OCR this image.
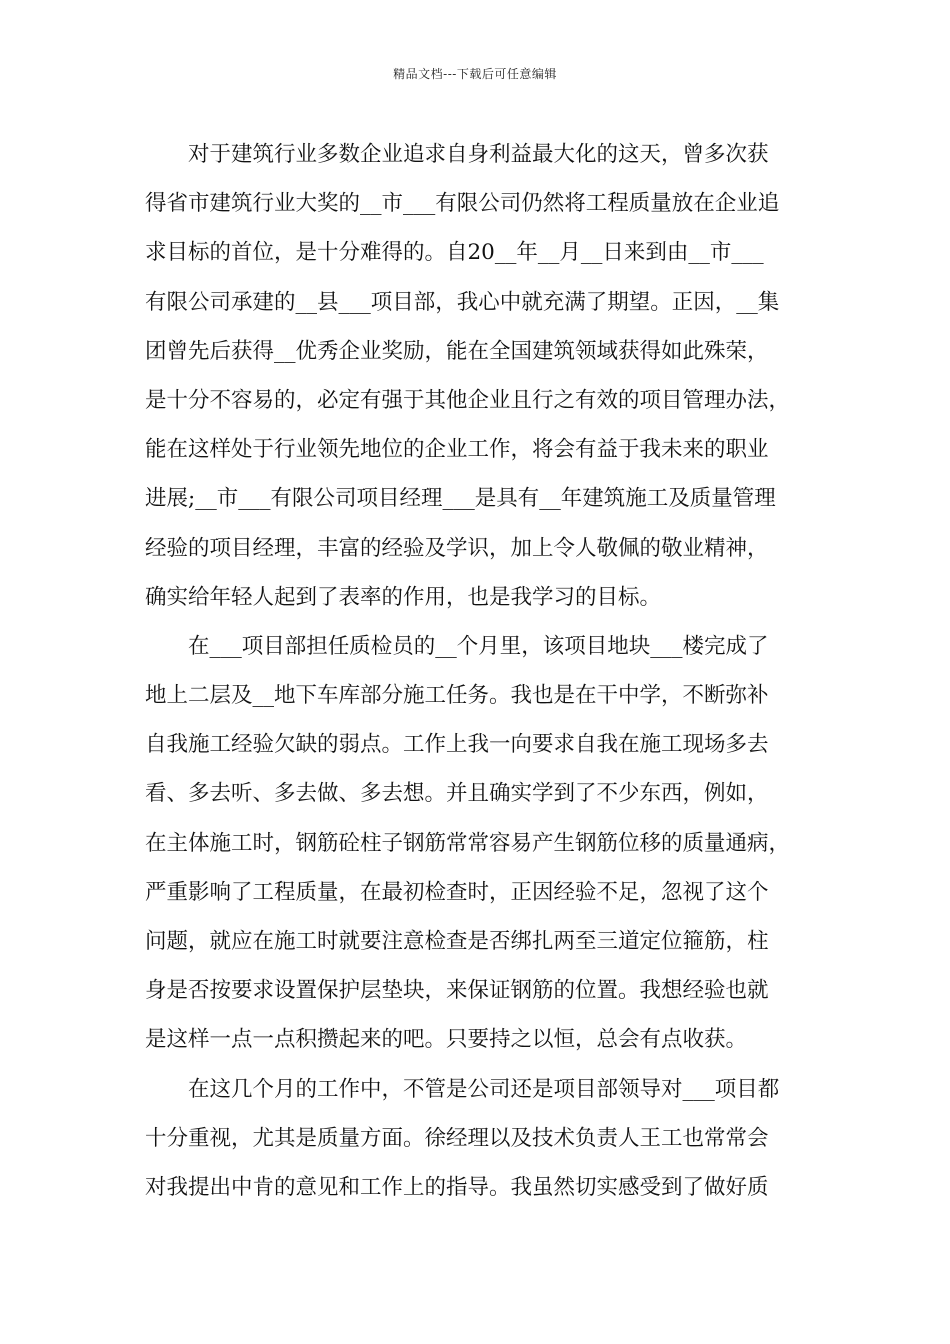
精品文档---下载后可任意编辑
对于建筑行业多数企业追求自身利益最大化的这天，曾多次获
得省市建筑行业大奖的__市___有限公司仍然将工程质量放在企业追
求目标的首位，是十分难得的。自20__年__月__日来到由__市___
有限公司承建的__县___项目部，我心中就充满了期望。正因，__集
团曾先后获得__优秀企业奖励，能在全国建筑领域获得如此殊荣，
是十分不容易的，必定有强于其他企业且行之有效的项目管理办法，
能在这样处于行业领先地位的企业工作，将会有益于我未来的职业
进展;__市___有限公司项目经理___是具有__年建筑施工及质量管理
经验的项目经理，丰富的经验及学识，加上令人敬佩的敬业精神，
确实给年轻人起到了表率的作用，也是我学习的目标。
在___项目部担任质检员的__个月里，该项目地块___楼完成了
地上二层及__地下车库部分施工任务。我也是在干中学，不断弥补
自我施工经验欠缺的弱点。工作上我一向要求自我在施工现场多去
看、多去听、多去做、多去想。并且确实学到了不少东西，例如，
在主体施工时，钢筋砼柱子钢筋常常容易产生钢筋位移的质量通病，
严重影响了工程质量，在最初检查时，正因经验不足，忽视了这个
问题，就应在施工时就要注意检查是否绑扎两至三道定位箍筋，柱
身是否按要求设置保护层垫块，来保证钢筋的位置。我想经验也就
是这样一点一点积攒起来的吧。只要持之以恒，总会有点收获。
在这几个月的工作中，不管是公司还是项目部领导对___项目都
十分重视，尤其是质量方面。徐经理以及技术负责人王工也常常会
对我提出中肯的意见和工作上的指导。我虽然切实感受到了做好质
